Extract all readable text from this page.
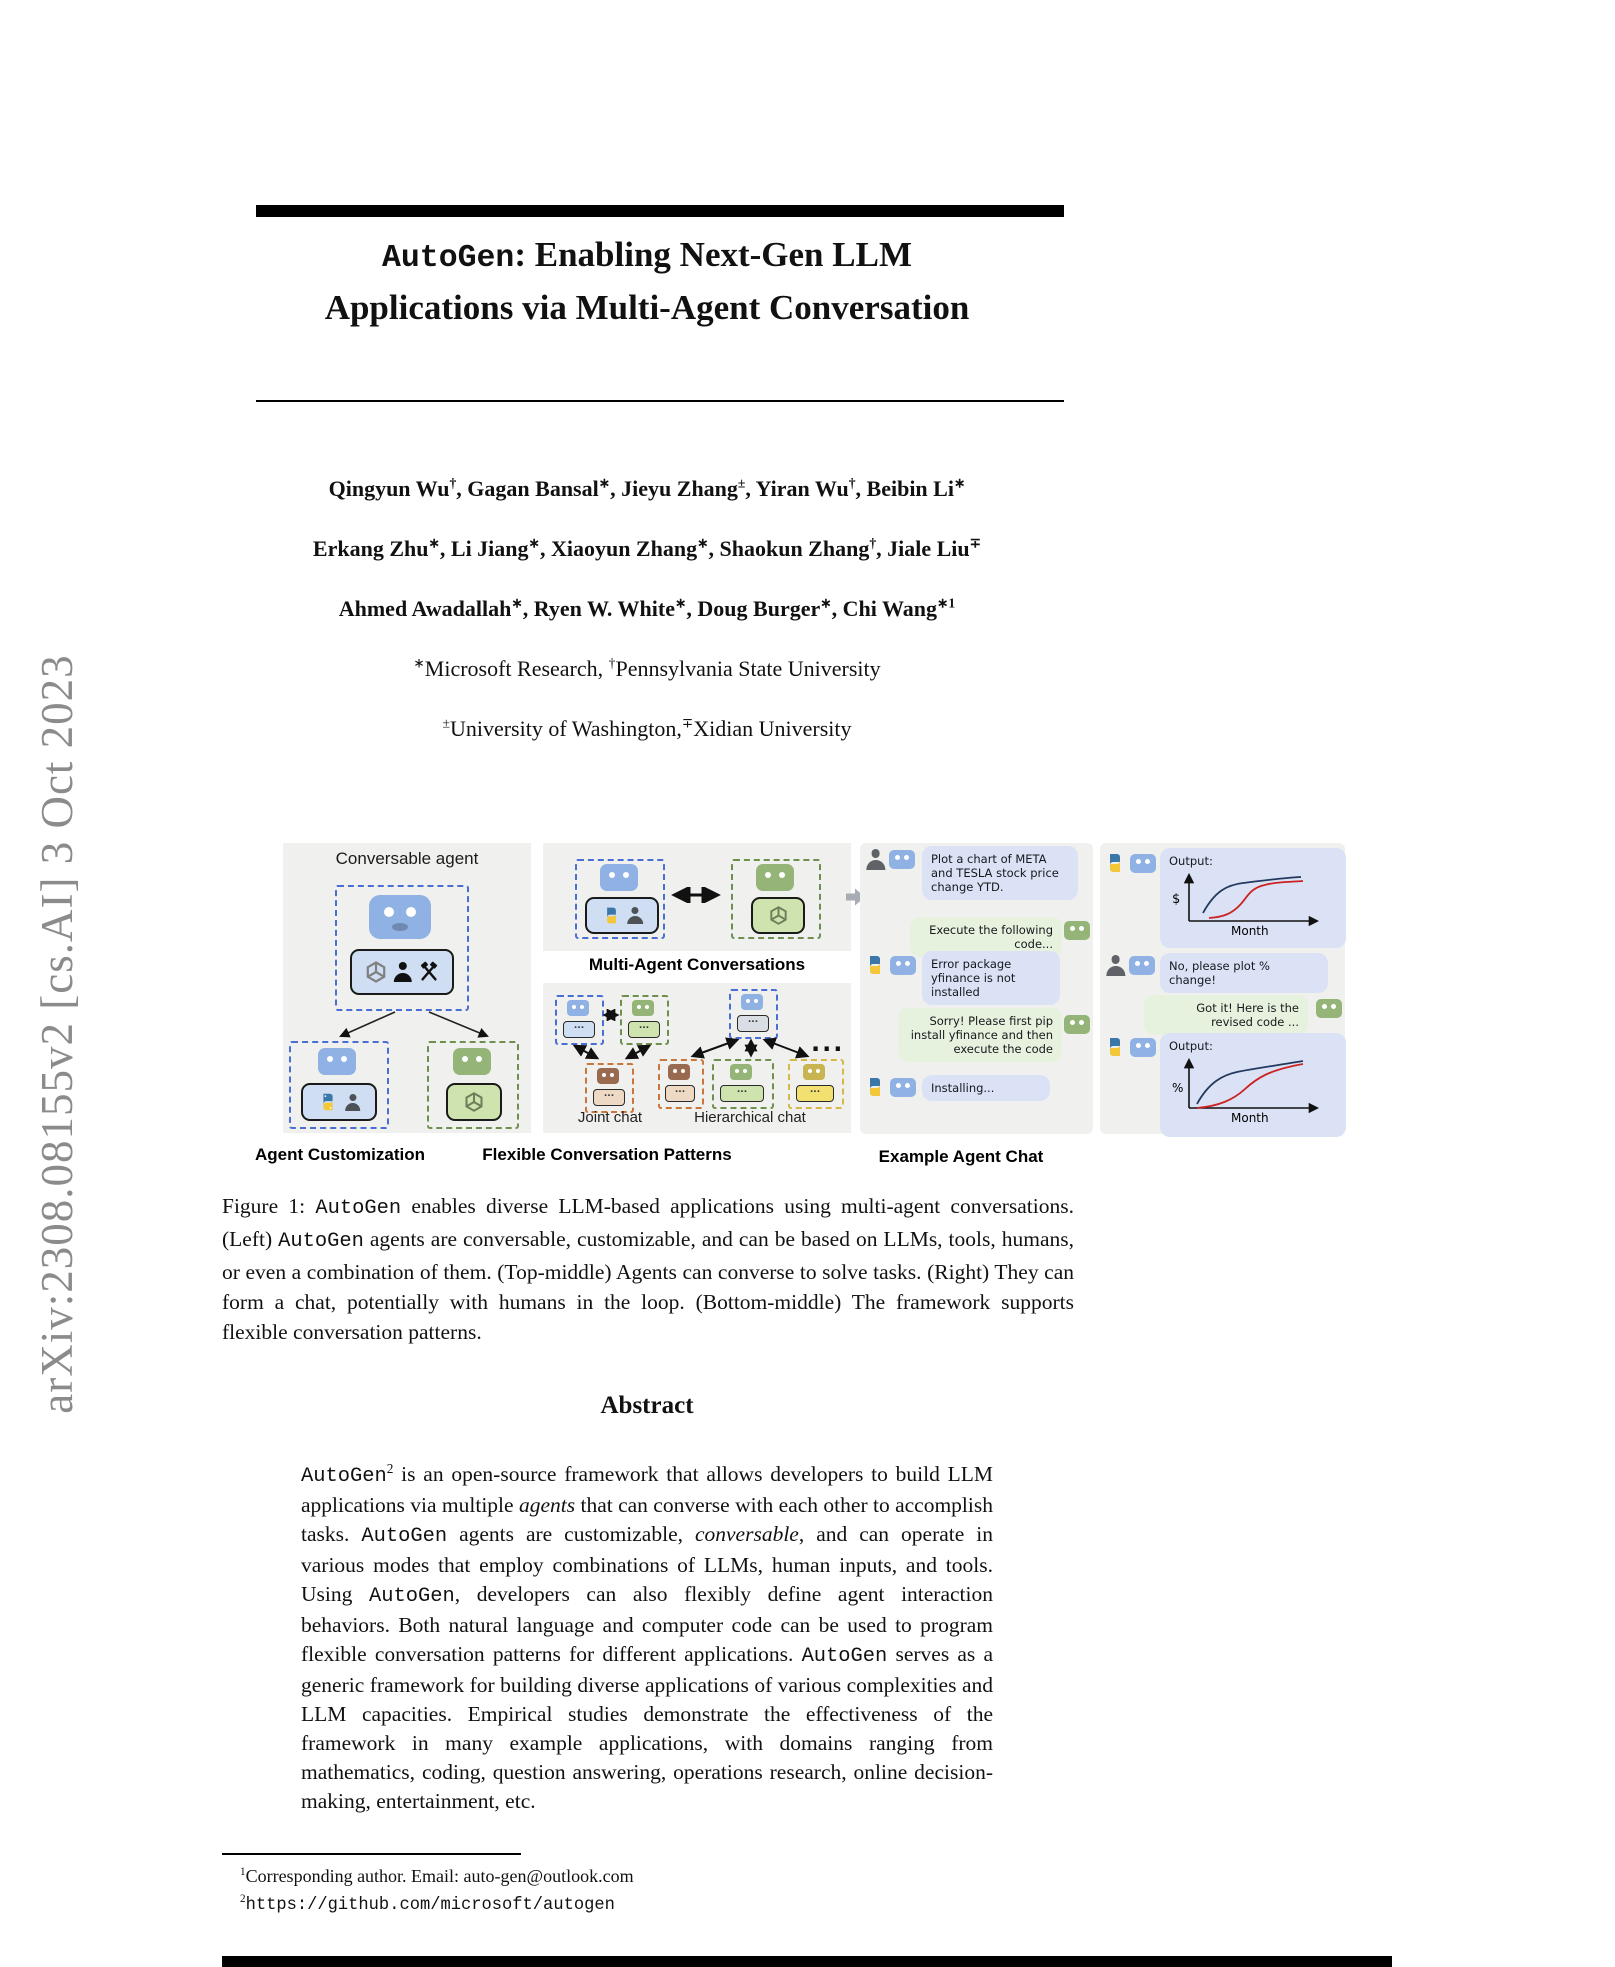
arXiv:2308.08155v2 [cs.AI] 3 Oct 2023
AutoGen: Enabling Next-Gen LLM
Applications via Multi-Agent Conversation
Qingyun Wu†, Gagan Bansal∗, Jieyu Zhang±, Yiran Wu†, Beibin Li∗
Erkang Zhu∗, Li Jiang∗, Xiaoyun Zhang∗, Shaokun Zhang†, Jiale Liu∓
Ahmed Awadallah∗, Ryen W. White∗, Doug Burger∗, Chi Wang$^{∗1}$
∗Microsoft Research, †Pennsylvania State University
±University of Washington,∓Xidian University
Conversable agent
Multi-Agent Conversations
...	...
...
Joint chat
...
...	...	...
Hierarchical chat
...
Plot a chart of META and TESLA stock price change YTD.
Execute the following code...
Error package yfinance is not installed
Sorry! Please first pip install yfinance and then execute the code
Installing...
Output:
$
Month
No, please plot % change!
Got it! Here is the revised code ...
Output:
%
Month
Agent Customization	Flexible Conversation Patterns	Example Agent Chat
Figure 1: AutoGen enables diverse LLM-based applications using multi-agent conversations. (Left) AutoGen agents are conversable, customizable, and can be based on LLMs, tools, humans, or even a combination of them. (Top-middle) Agents can converse to solve tasks. (Right) They can form a chat, potentially with humans in the loop. (Bottom-middle) The framework supports flexible conversation patterns.
Abstract
AutoGen$^2$ is an open-source framework that allows developers to build LLM applications via multiple agents that can converse with each other to accomplish tasks. AutoGen agents are customizable, conversable, and can operate in various modes that employ combinations of LLMs, human inputs, and tools. Using AutoGen, developers can also flexibly define agent interaction behaviors. Both natural language and computer code can be used to program flexible conversation patterns for different applications. AutoGen serves as a generic framework for building diverse applications of various complexities and LLM capacities. Empirical studies demonstrate the effectiveness of the framework in many example applications, with domains ranging from mathematics, coding, question answering, operations research, online decision-making, entertainment, etc.
$^1$Corresponding author. Email: auto-gen@outlook.com
$^2$https://github.com/microsoft/autogen
